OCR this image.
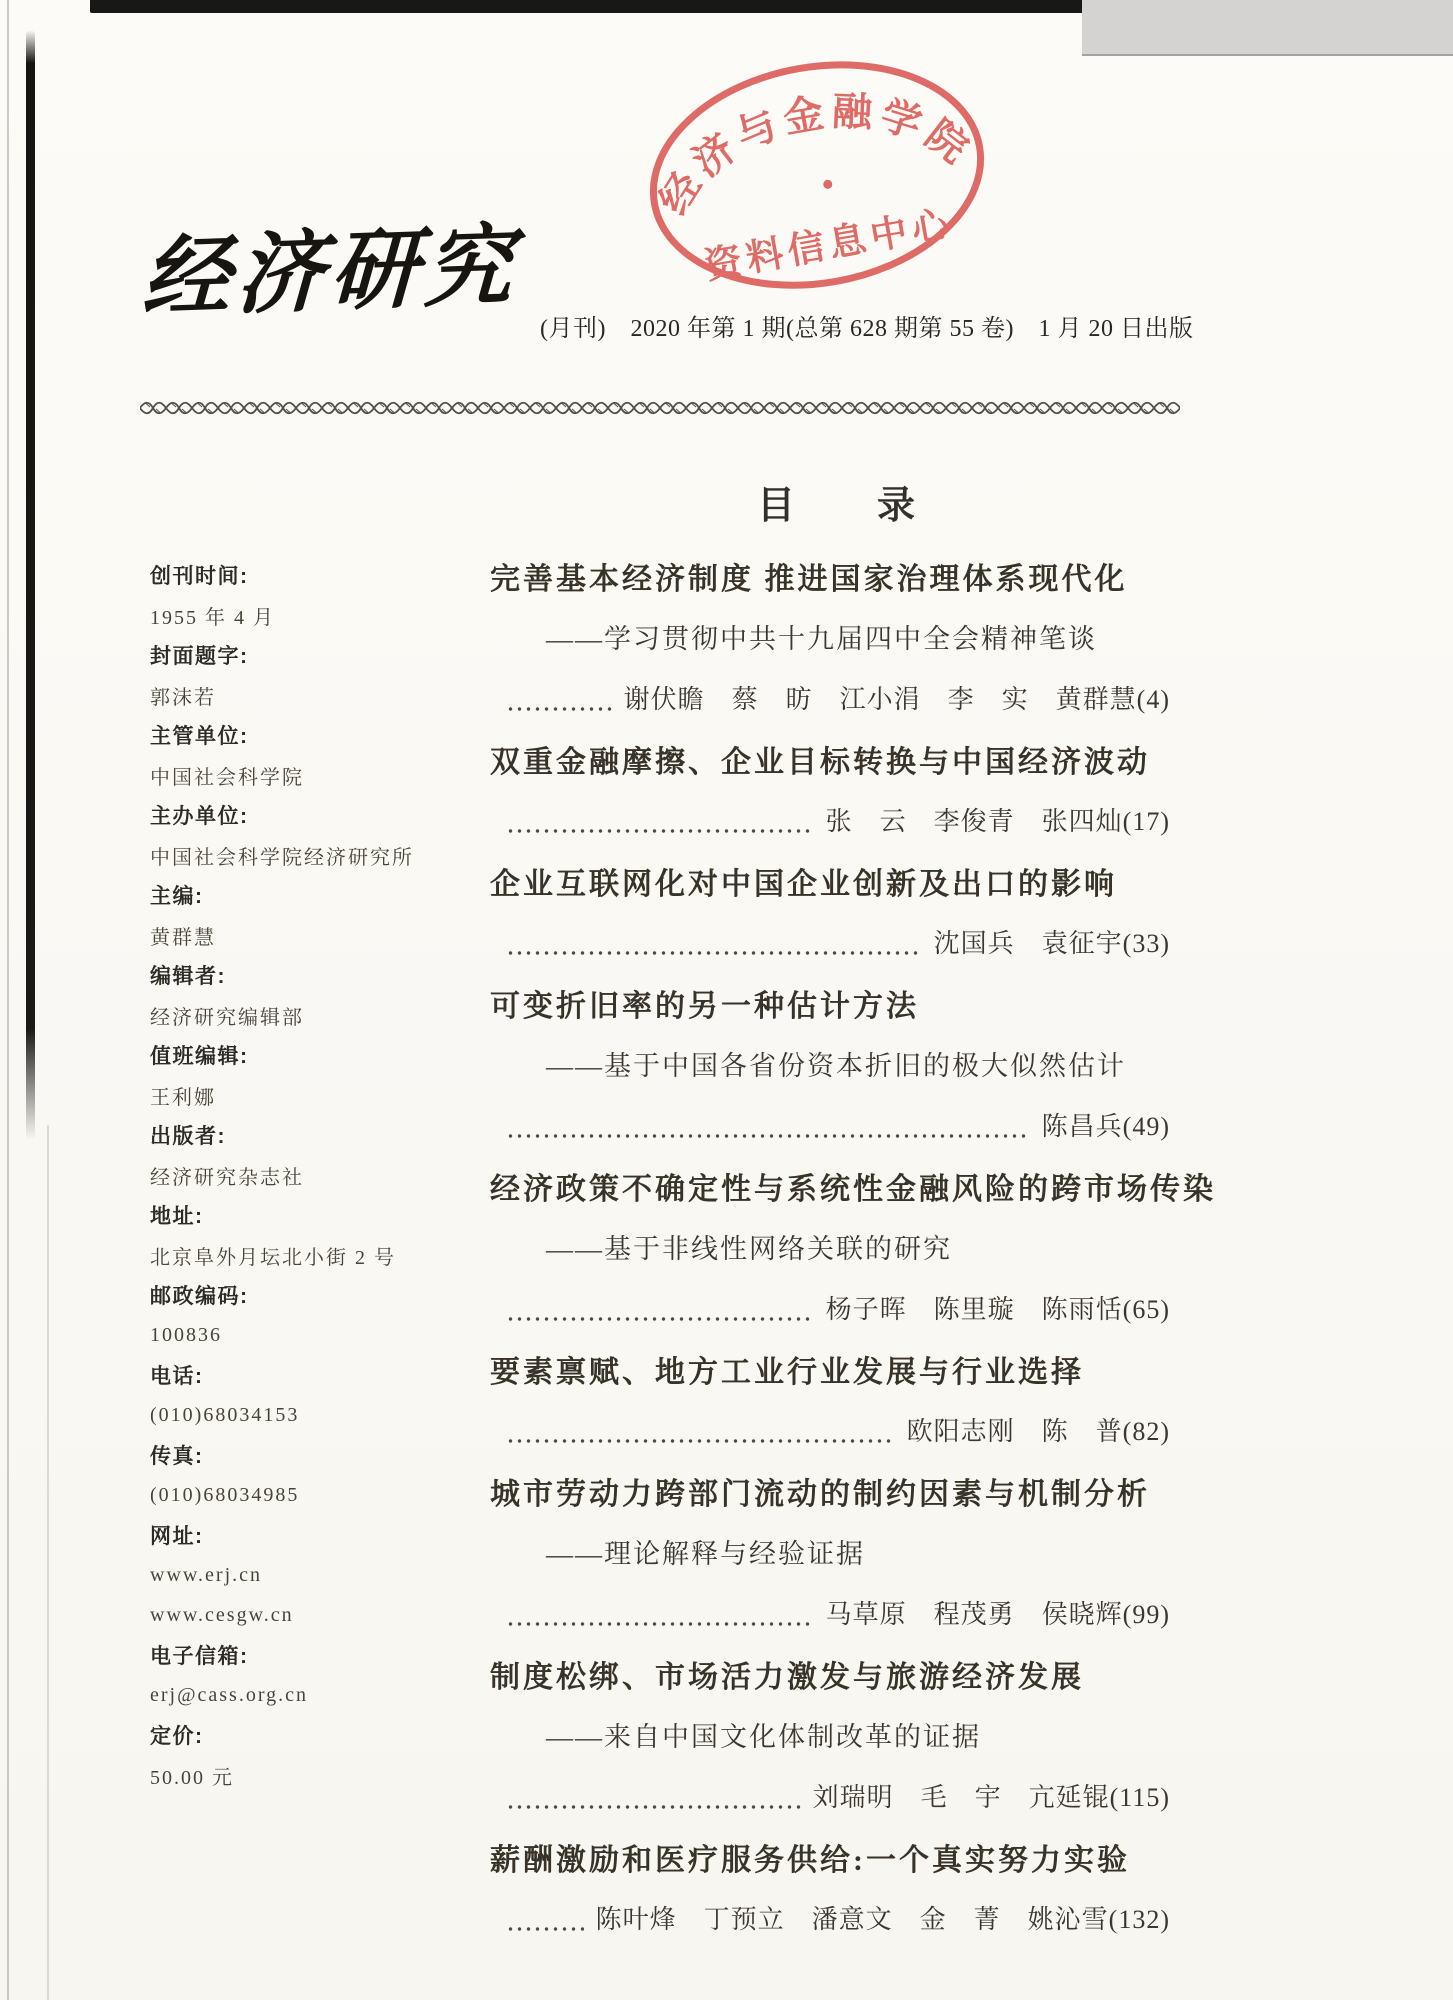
经济与金融学院
资料信息中心
经济研究
(月刊)　2020 年第 1 期(总第 628 期第 55 卷)　1 月 20 日出版
目　　录
创刊时间:
1955 年 4 月
封面题字:
郭沫若
主管单位:
中国社会科学院
主办单位:
中国社会科学院经济研究所
主编:
黄群慧
编辑者:
经济研究编辑部
值班编辑:
王利娜
出版者:
经济研究杂志社
地址:
北京阜外月坛北小街 2 号
邮政编码:
100836
电话:
(010)68034153
传真:
(010)68034985
网址:
www.erj.cn
www.cesgw.cn
电子信箱:
erj@cass.org.cn
定价:
50.00 元
完善基本经济制度 推进国家治理体系现代化
——学习贯彻中共十九届四中全会精神笔谈
谢伏瞻　蔡　昉　江小涓　李　实　黄群慧(4)
双重金融摩擦、企业目标转换与中国经济波动
张　云　李俊青　张四灿(17)
企业互联网化对中国企业创新及出口的影响
沈国兵　袁征宇(33)
可变折旧率的另一种估计方法
——基于中国各省份资本折旧的极大似然估计
陈昌兵(49)
经济政策不确定性与系统性金融风险的跨市场传染
——基于非线性网络关联的研究
杨子晖　陈里璇　陈雨恬(65)
要素禀赋、地方工业行业发展与行业选择
欧阳志刚　陈　普(82)
城市劳动力跨部门流动的制约因素与机制分析
——理论解释与经验证据
马草原　程茂勇　侯晓辉(99)
制度松绑、市场活力激发与旅游经济发展
——来自中国文化体制改革的证据
刘瑞明　毛　宇　亢延锟(115)
薪酬激励和医疗服务供给:一个真实努力实验
陈叶烽　丁预立　潘意文　金　菁　姚沁雪(132)
